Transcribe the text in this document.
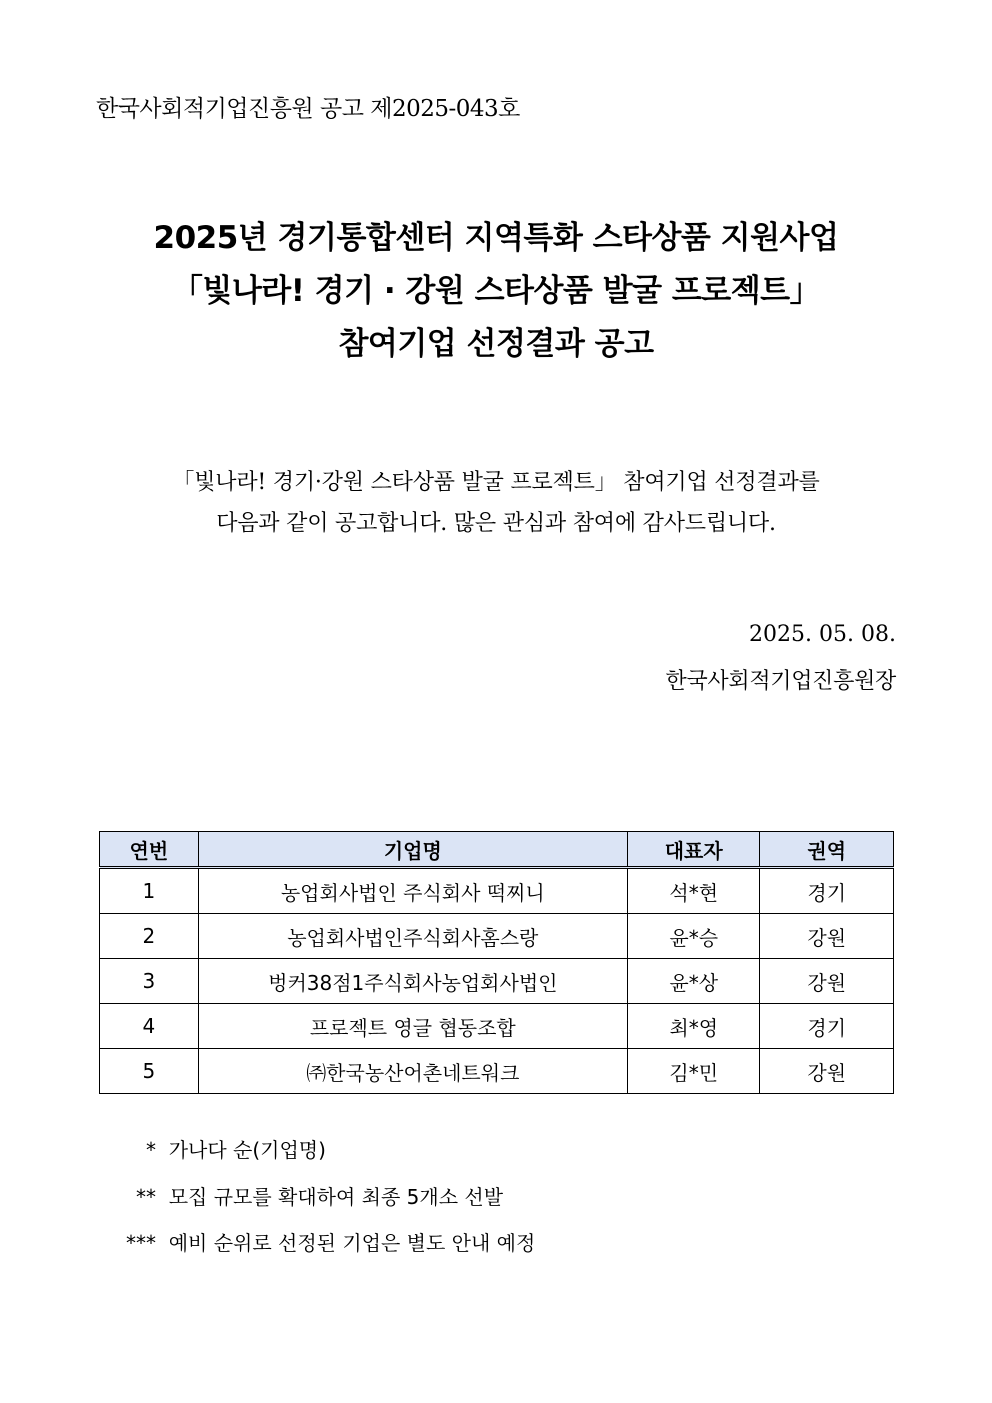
한국사회적기업진흥원 공고 제2025-043호
2025년 경기통합센터 지역특화 스타상품 지원사업
「빛나라! 경기 · 강원 스타상품 발굴 프로젝트」
참여기업 선정결과 공고
「빛나라! 경기·강원 스타상품 발굴 프로젝트」 참여기업 선정결과를
다음과 같이 공고합니다. 많은 관심과 참여에 감사드립니다.
2025. 05. 08.
한국사회적기업진흥원장
연번	기업명	대표자	권역
1	농업회사법인 주식회사 떡찌니	석*현	경기
2	농업회사법인주식회사홈스랑	윤*승	강원
3	벙커38점1주식회사농업회사법인	윤*상	강원
4	프로젝트 영글 협동조합	최*영	경기
5	㈜한국농산어촌네트워크	김*민	강원
* 가나다 순(기업명)
** 모집 규모를 확대하여 최종 5개소 선발
*** 예비 순위로 선정된 기업은 별도 안내 예정
